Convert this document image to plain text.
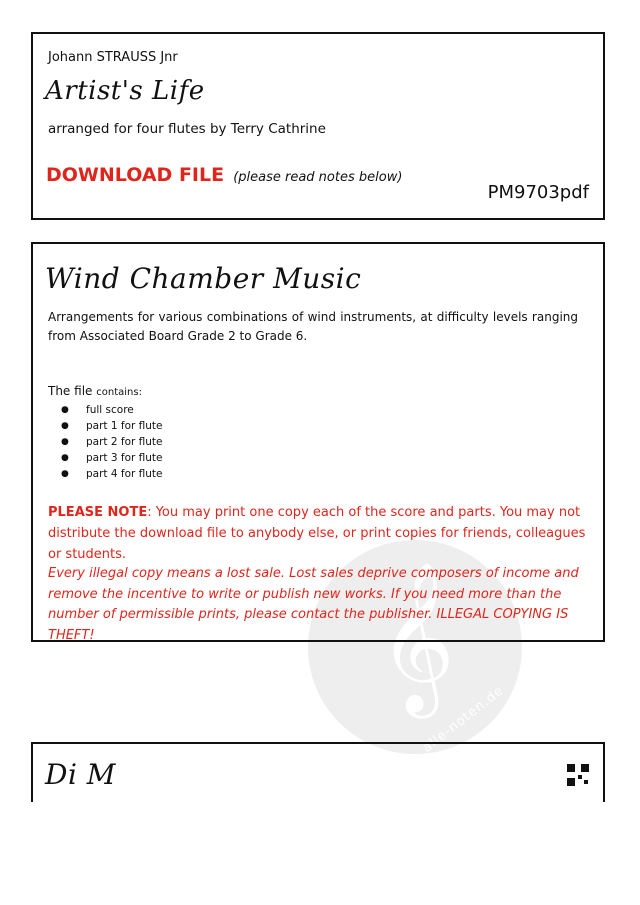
𝄞
alle-noten.de
Johann STRAUSS Jnr
Artist's Life
arranged for four flutes by Terry Cathrine
DOWNLOAD FILE (please read notes below)
PM9703pdf
Wind Chamber Music
Arrangements for various combinations of wind instruments, at difficulty levels ranging from Associated Board Grade 2 to Grade 6.
The file contains:
●	full score
●	part 1 for flute
●	part 2 for flute
●	part 3 for flute
●	part 4 for flute
PLEASE NOTE: You may print one copy each of the score and parts. You may not distribute the download file to anybody else, or print copies for friends, colleagues or students.
Every illegal copy means a lost sale. Lost sales deprive composers of income and remove the incentive to write or publish new works. If you need more than the number of permissible prints, please contact the publisher. ILLEGAL COPYING IS THEFT!
Di M
